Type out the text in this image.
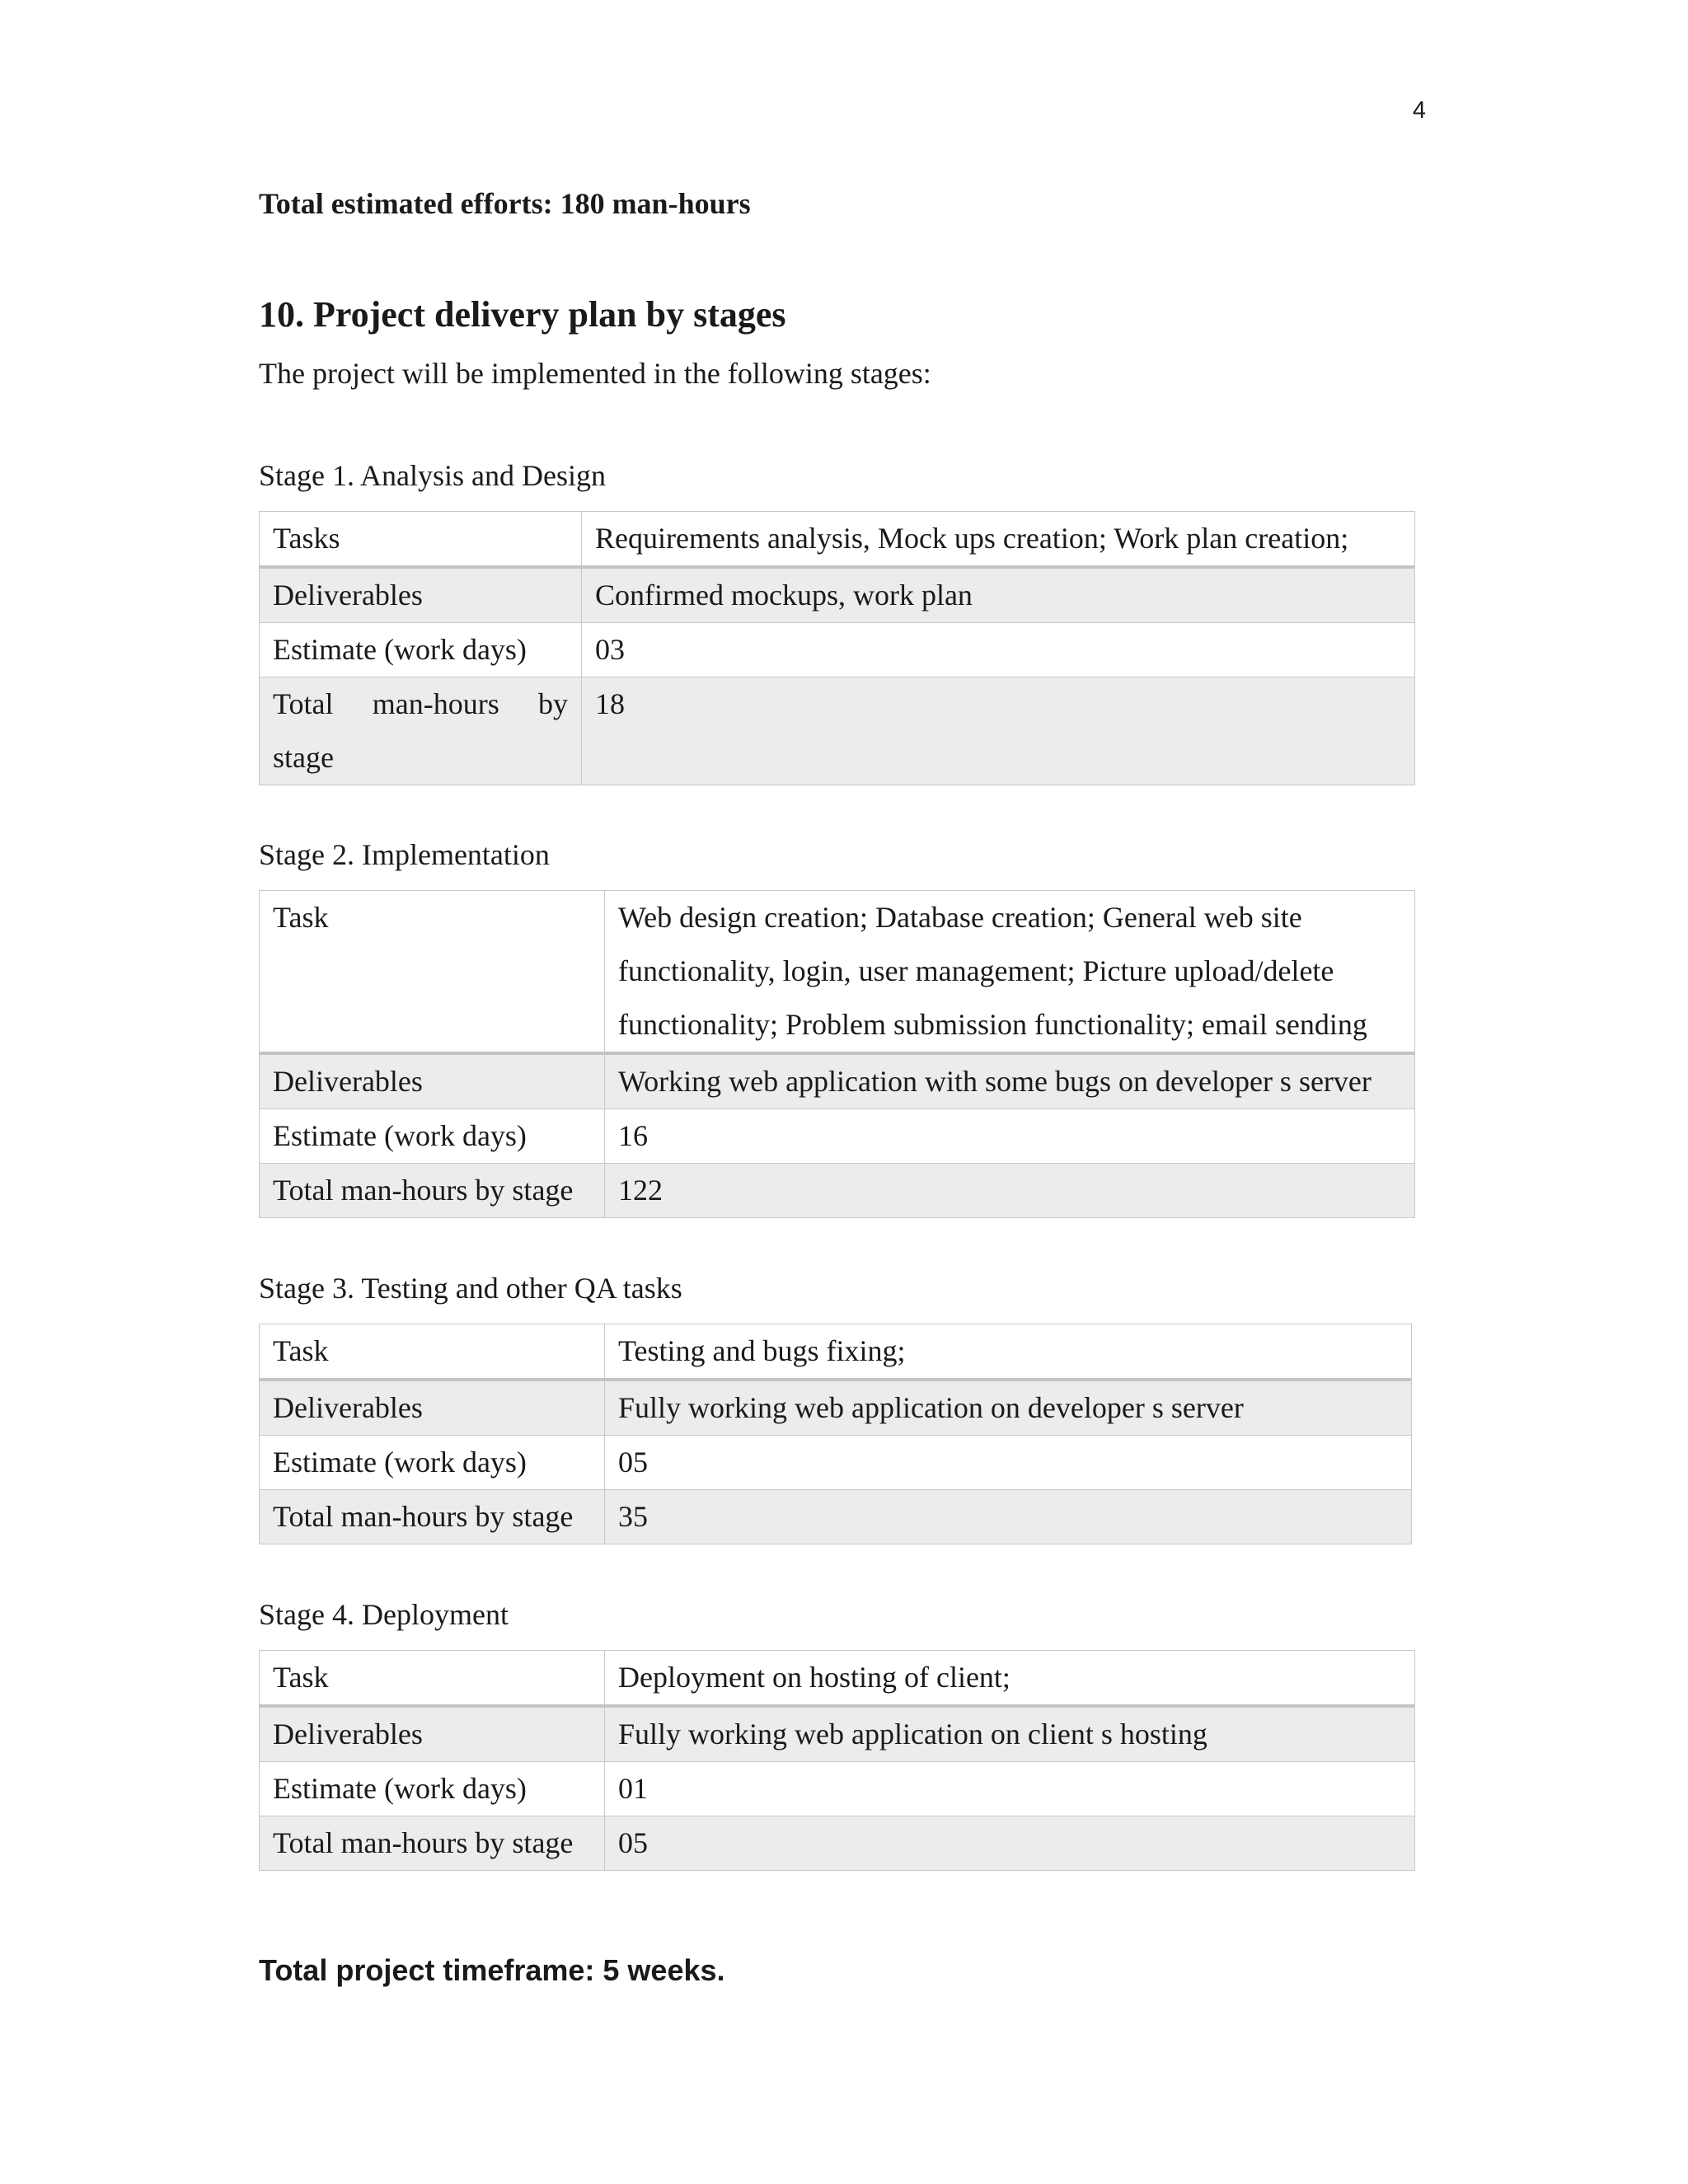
4
Total estimated efforts: 180 man-hours
10. Project delivery plan by stages
The project will be implemented in the following stages:
Stage 1. Analysis and Design
Tasks	Requirements analysis, Mock ups creation; Work plan creation;
Deliverables	Confirmed mockups, work plan
Estimate (work days)	03
Total man-hours by stage	18
Stage 2. Implementation
Task	Web design creation; Database creation; General web site functionality, login, user management; Picture upload/delete functionality; Problem submission functionality; email sending
Deliverables	Working web application with some bugs on developer s server
Estimate (work days)	16
Total man-hours by stage	122
Stage 3. Testing and other QA tasks
Task	Testing and bugs fixing;
Deliverables	Fully working web application on developer s server
Estimate (work days)	05
Total man-hours by stage	35
Stage 4. Deployment
Task	Deployment on hosting of client;
Deliverables	Fully working web application on client s hosting
Estimate (work days)	01
Total man-hours by stage	05
Total project timeframe: 5 weeks.
